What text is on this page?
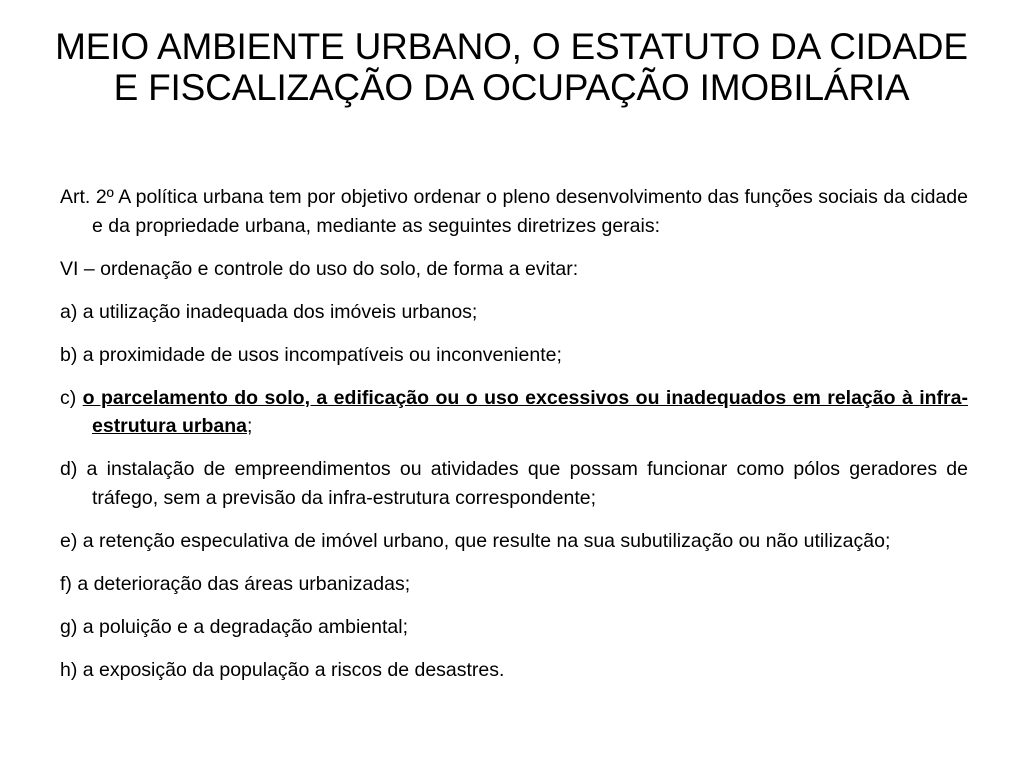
MEIO AMBIENTE URBANO, O ESTATUTO DA CIDADE E FISCALIZAÇÃO DA OCUPAÇÃO IMOBILÁRIA

Art. 2º A política urbana tem por objetivo ordenar o pleno desenvolvimento das funções sociais da cidade e da propriedade urbana, mediante as seguintes diretrizes gerais:

VI – ordenação e controle do uso do solo, de forma a evitar:

a) a utilização inadequada dos imóveis urbanos;

b) a proximidade de usos incompatíveis ou inconveniente;

c) o parcelamento do solo, a edificação ou o uso excessivos ou inadequados em relação à infra-estrutura urbana;

d) a instalação de empreendimentos ou atividades que possam funcionar como pólos geradores de tráfego, sem a previsão da infra-estrutura correspondente;

e) a retenção especulativa de imóvel urbano, que resulte na sua subutilização ou não utilização;

f) a deterioração das áreas urbanizadas;

g) a poluição e a degradação ambiental;

h) a exposição da população a riscos de desastres.
